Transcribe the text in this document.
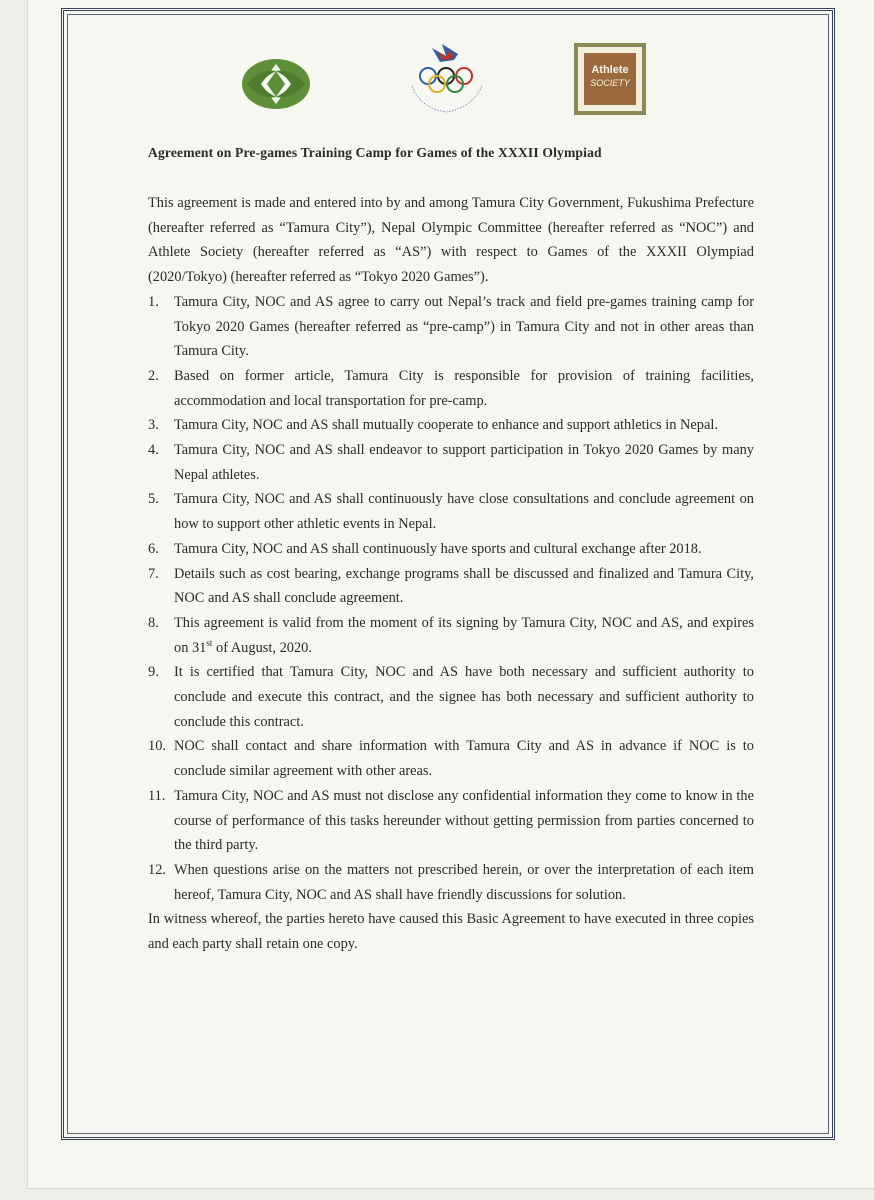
Athlete
SOCIETY
Agreement on Pre-games Training Camp for Games of the XXXII Olympiad

This agreement is made and entered into by and among Tamura City Government, Fukushima Prefecture (hereafter referred as “Tamura City”), Nepal Olympic Committee (hereafter referred as “NOC”) and Athlete Society (hereafter referred as “AS”) with respect to Games of the XXXII Olympiad (2020/Tokyo) (hereafter referred as “Tokyo 2020 Games”).

1. Tamura City, NOC and AS agree to carry out Nepal’s track and field pre-games training camp for Tokyo 2020 Games (hereafter referred as “pre-camp”) in Tamura City and not in other areas than Tamura City.
2. Based on former article, Tamura City is responsible for provision of training facilities, accommodation and local transportation for pre-camp.
3. Tamura City, NOC and AS shall mutually cooperate to enhance and support athletics in Nepal.
4. Tamura City, NOC and AS shall endeavor to support participation in Tokyo 2020 Games by many Nepal athletes.
5. Tamura City, NOC and AS shall continuously have close consultations and conclude agreement on how to support other athletic events in Nepal.
6. Tamura City, NOC and AS shall continuously have sports and cultural exchange after 2018.
7. Details such as cost bearing, exchange programs shall be discussed and finalized and Tamura City, NOC and AS shall conclude agreement.
8. This agreement is valid from the moment of its signing by Tamura City, NOC and AS, and expires on 31st of August, 2020.
9. It is certified that Tamura City, NOC and AS have both necessary and sufficient authority to conclude and execute this contract, and the signee has both necessary and sufficient authority to conclude this contract.
10. NOC shall contact and share information with Tamura City and AS in advance if NOC is to conclude similar agreement with other areas.
11. Tamura City, NOC and AS must not disclose any confidential information they come to know in the course of performance of this tasks hereunder without getting permission from parties concerned to the third party.
12. When questions arise on the matters not prescribed herein, or over the interpretation of each item hereof, Tamura City, NOC and AS shall have friendly discussions for solution.

In witness whereof, the parties hereto have caused this Basic Agreement to have executed in three copies and each party shall retain one copy.
